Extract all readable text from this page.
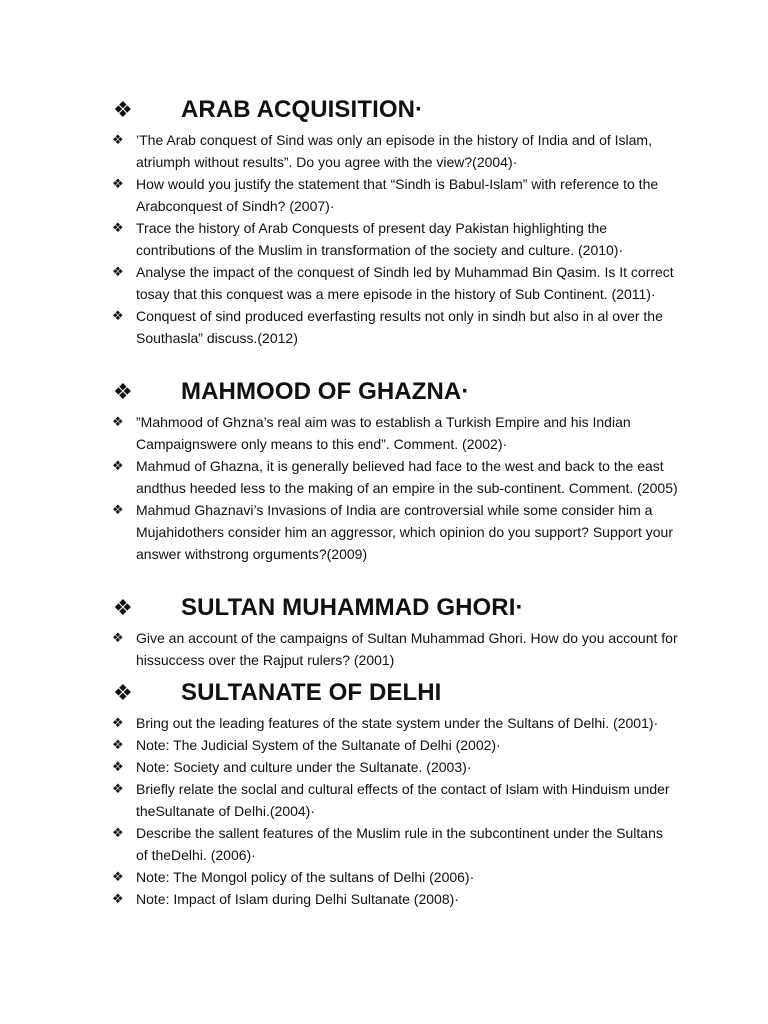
❖ ARAB ACQUISITION·
❖ ’The Arab conquest of Sind was only an episode in the history of India and of Islam, atriumph without results”. Do you agree with the view?(2004)·
❖ How would you justify the statement that “Sindh is Babul-Islam” with reference to the Arabconquest of Sindh? (2007)·
❖ Trace the history of Arab Conquests of present day Pakistan highlighting the contributions of the Muslim in transformation of the society and culture. (2010)·
❖ Analyse the impact of the conquest of Sindh led by Muhammad Bin Qasim. Is It correct tosay that this conquest was a mere episode in the history of Sub Continent. (2011)·
❖ Conquest of sind produced everfasting results not only in sindh but also in al over the Southasla” discuss.(2012)
❖ MAHMOOD OF GHAZNA·
❖ ”Mahmood of Ghzna’s real aim was to establish a Turkish Empire and his Indian Campaignswere only means to this end”. Comment. (2002)·
❖ Mahmud of Ghazna, it is generally believed had face to the west and back to the east andthus heeded less to the making of an empire in the sub-continent. Comment. (2005)
❖ Mahmud Ghaznavi’s Invasions of India are controversial while some consider him a Mujahidothers consider him an aggressor, which opinion do you support? Support your answer withstrong orguments?(2009)
❖ SULTAN MUHAMMAD GHORI·
❖ Give an account of the campaigns of Sultan Muhammad Ghori. How do you account for hissuccess over the Rajput rulers? (2001)
❖ SULTANATE OF DELHI
❖ Bring out the leading features of the state system under the Sultans of Delhi. (2001)·
❖ Note: The Judicial System of the Sultanate of Delhi (2002)·
❖ Note: Society and culture under the Sultanate. (2003)·
❖ Briefly relate the soclal and cultural effects of the contact of Islam with Hinduism under theSultanate of Delhi.(2004)·
❖ Describe the sallent features of the Muslim rule in the subcontinent under the Sultans of theDelhi. (2006)·
❖ Note: The Mongol policy of the sultans of Delhi (2006)·
❖ Note: Impact of Islam during Delhi Sultanate (2008)·
